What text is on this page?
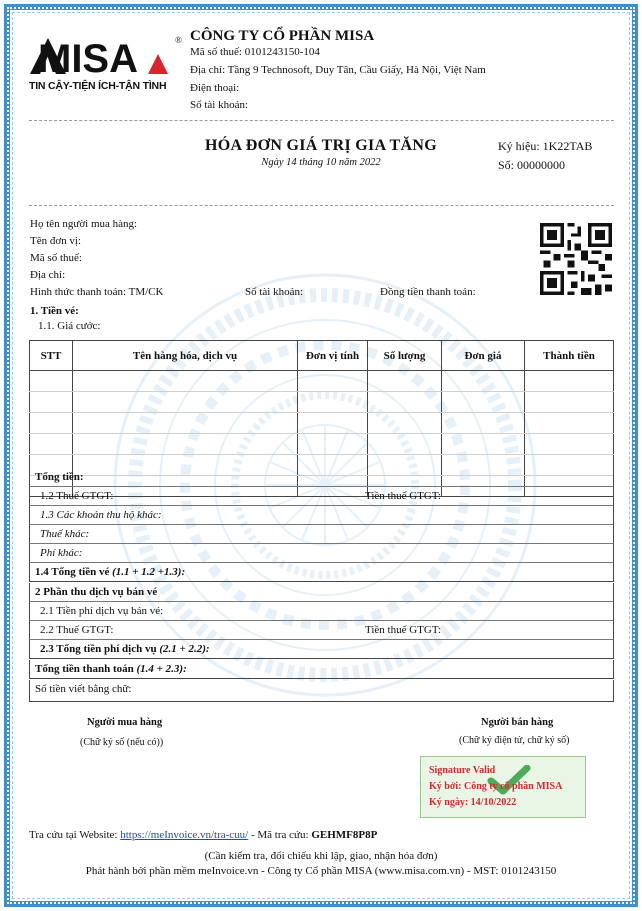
MISA	®
TIN CẬY-TIỆN ÍCH-TẬN TÌNH
CÔNG TY CỔ PHẦN MISA
Mã số thuế: 0101243150-104
Địa chỉ: Tầng 9 Technosoft, Duy Tân, Cầu Giấy, Hà Nội, Việt Nam
Điện thoại:
Số tài khoản:
HÓA ĐƠN GIÁ TRỊ GIA TĂNG
Ngày 14 tháng 10 năm 2022
Ký hiệu: 1K22TAB
Số: 00000000
Họ tên người mua hàng:
Tên đơn vị:
Mã số thuế:
Địa chỉ:
Hình thức thanh toán: TM/CK	Số tài khoản:	Đồng tiền thanh toán:
1. Tiền vé:
1.1. Giá cước:
STT	Tên hàng hóa, dịch vụ	Đơn vị tính	Số lượng	Đơn giá	Thành tiền

Tổng tiền:
1.2 Thuế GTGT:	Tiền thuế GTGT:
1.3 Các khoản thu hộ khác:
Thuế khác:
Phí khác:
1.4 Tổng tiền vé (1.1 + 1.2 +1.3):
2 Phần thu dịch vụ bán vé
2.1 Tiền phí dịch vụ bán vé:
2.2 Thuế GTGT:	Tiền thuế GTGT:
2.3 Tổng tiền phí dịch vụ (2.1 + 2.2):
Tổng tiền thanh toán (1.4 + 2.3):
Số tiền viết bằng chữ:
Người mua hàng
(Chữ ký số (nếu có))
Người bán hàng
(Chữ ký điện tử, chữ ký số)
Signature Valid
Ký bởi: Công ty cổ phần MISA
Ký ngày: 14/10/2022
Tra cứu tại Website: https://meInvoice.vn/tra-cuu/ - Mã tra cứu: GEHMF8P8P
(Cần kiểm tra, đối chiếu khi lập, giao, nhận hóa đơn)
Phát hành bởi phần mềm meInvoice.vn - Công ty Cổ phần MISA (www.misa.com.vn) - MST: 0101243150
